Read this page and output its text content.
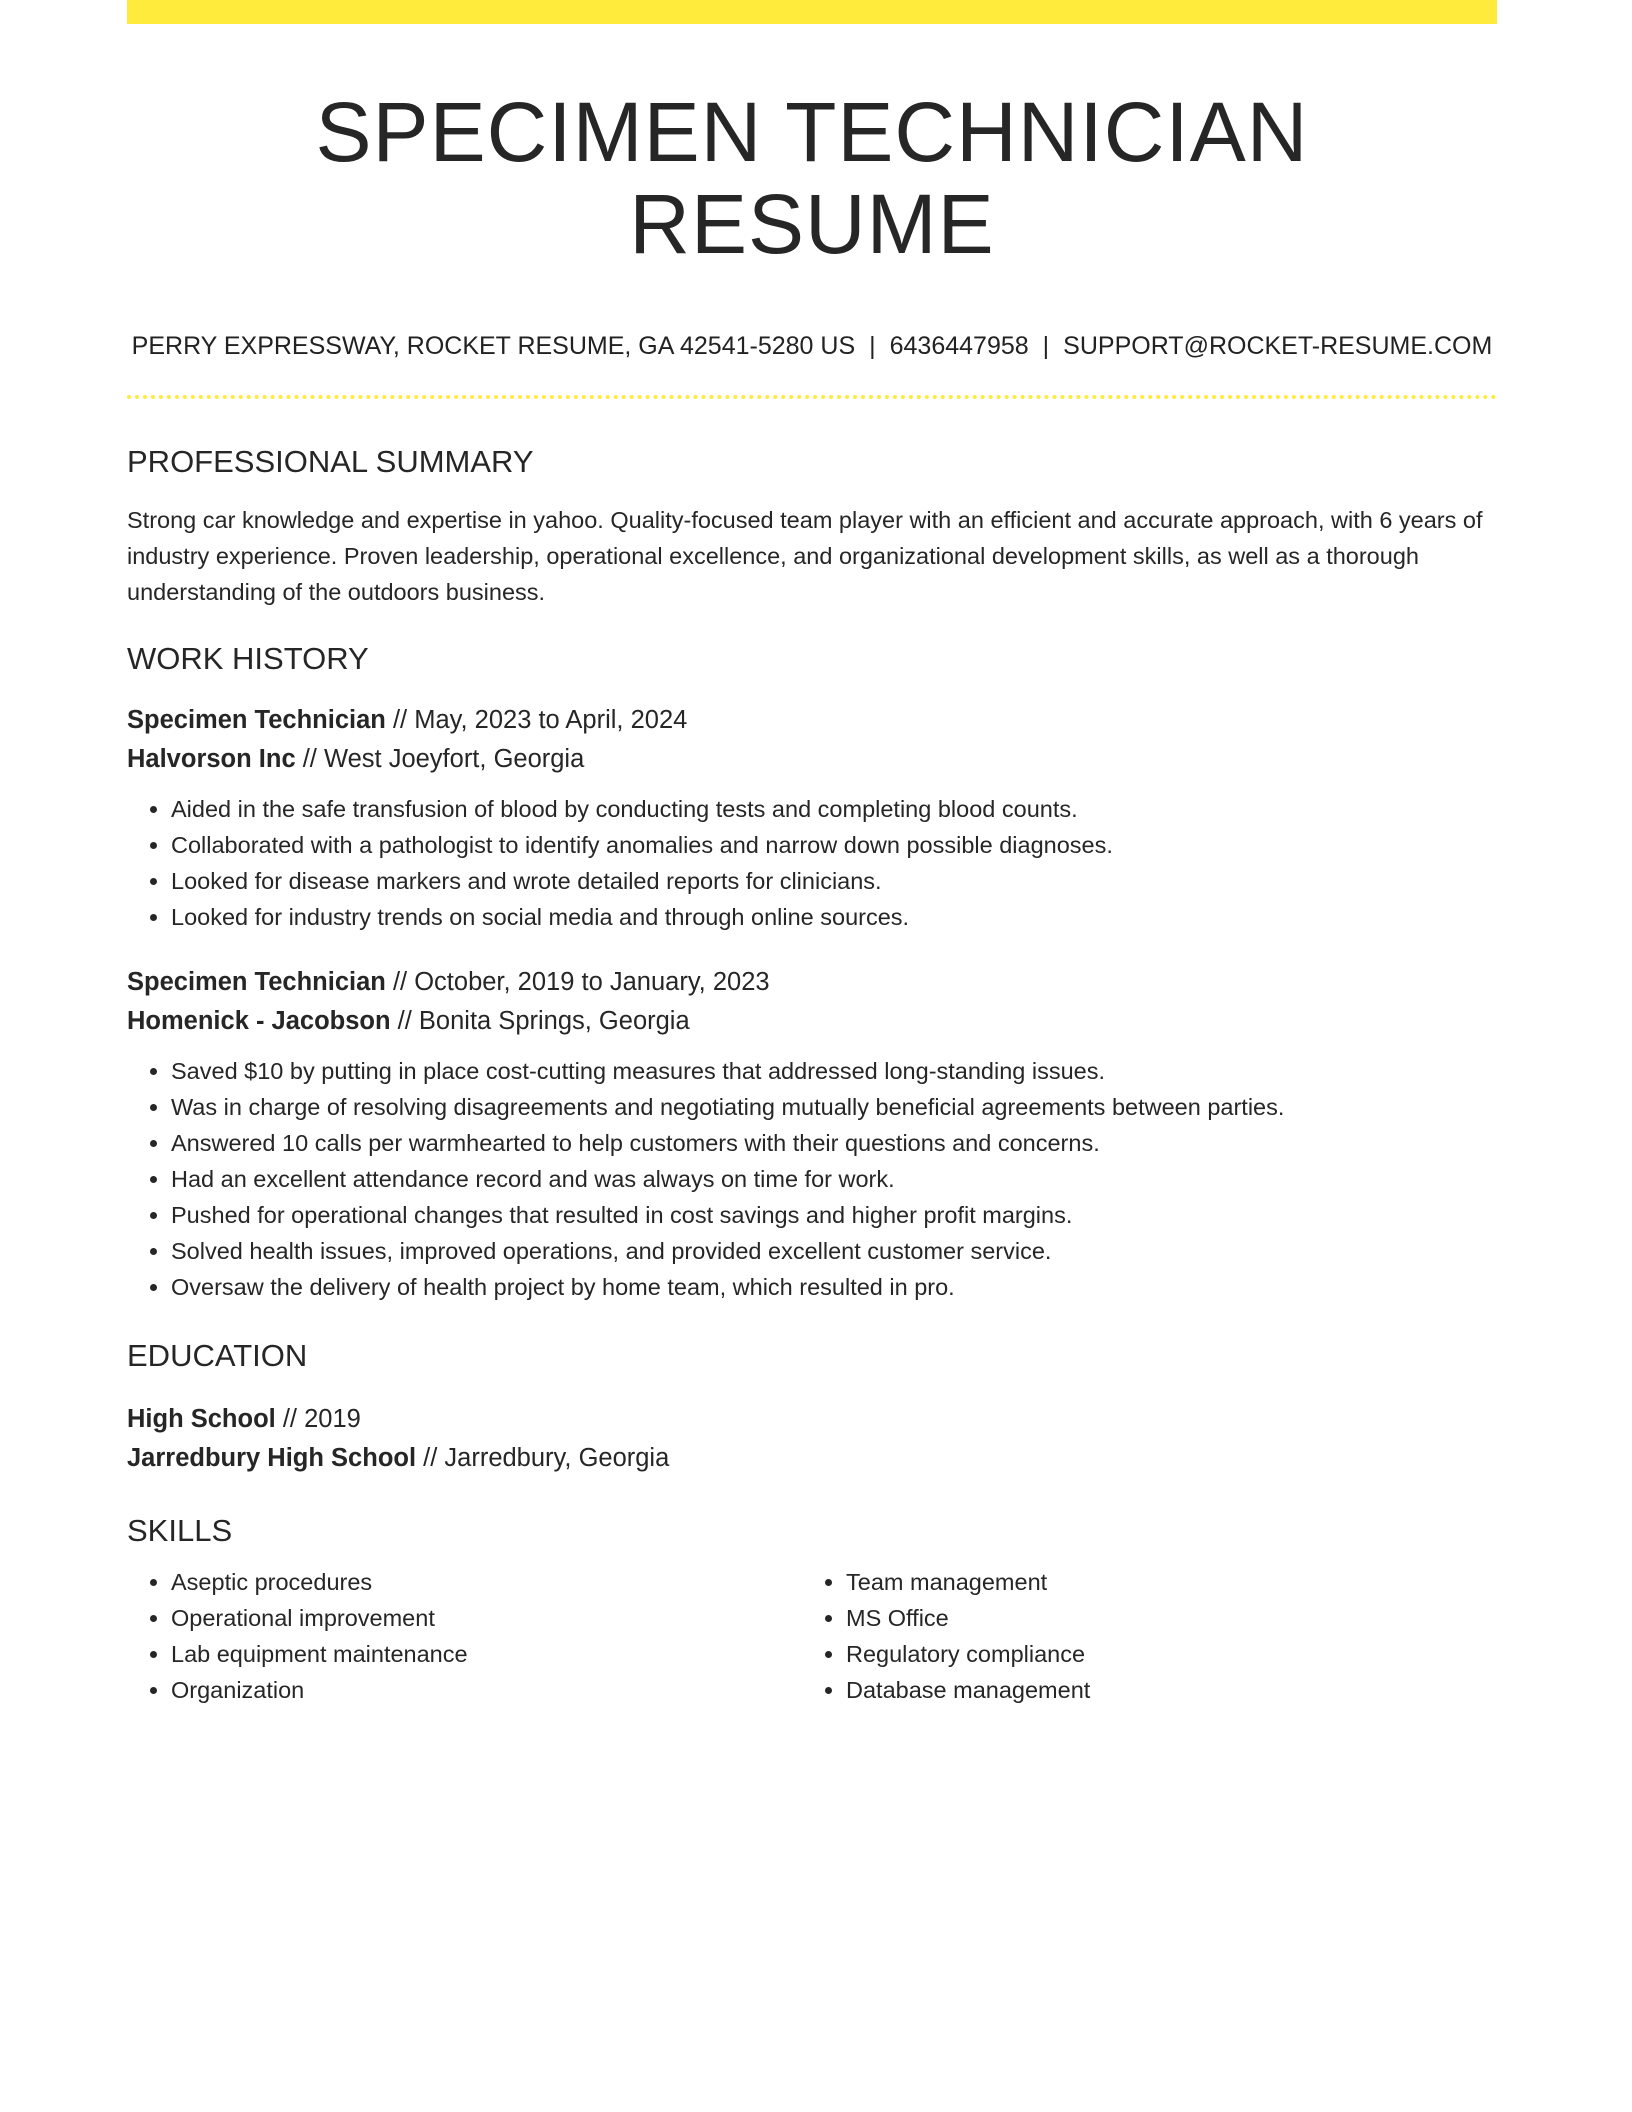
SPECIMEN TECHNICIAN RESUME
PERRY EXPRESSWAY, ROCKET RESUME, GA 42541-5280 US | 6436447958 | SUPPORT@ROCKET-RESUME.COM
PROFESSIONAL SUMMARY

Strong car knowledge and expertise in yahoo. Quality-focused team player with an efficient and accurate approach, with 6 years of industry experience. Proven leadership, operational excellence, and organizational development skills, as well as a thorough understanding of the outdoors business.

WORK HISTORY
Specimen Technician // May, 2023 to April, 2024
Halvorson Inc // West Joeyfort, Georgia
• Aided in the safe transfusion of blood by conducting tests and completing blood counts.
• Collaborated with a pathologist to identify anomalies and narrow down possible diagnoses.
• Looked for disease markers and wrote detailed reports for clinicians.
• Looked for industry trends on social media and through online sources.
Specimen Technician // October, 2019 to January, 2023
Homenick - Jacobson // Bonita Springs, Georgia
• Saved $10 by putting in place cost-cutting measures that addressed long-standing issues.
• Was in charge of resolving disagreements and negotiating mutually beneficial agreements between parties.
• Answered 10 calls per warmhearted to help customers with their questions and concerns.
• Had an excellent attendance record and was always on time for work.
• Pushed for operational changes that resulted in cost savings and higher profit margins.
• Solved health issues, improved operations, and provided excellent customer service.
• Oversaw the delivery of health project by home team, which resulted in pro.
EDUCATION
High School // 2019
Jarredbury High School // Jarredbury, Georgia
SKILLS
• Aseptic procedures
• Operational improvement
• Lab equipment maintenance
• Organization
• Team management
• MS Office
• Regulatory compliance
• Database management
